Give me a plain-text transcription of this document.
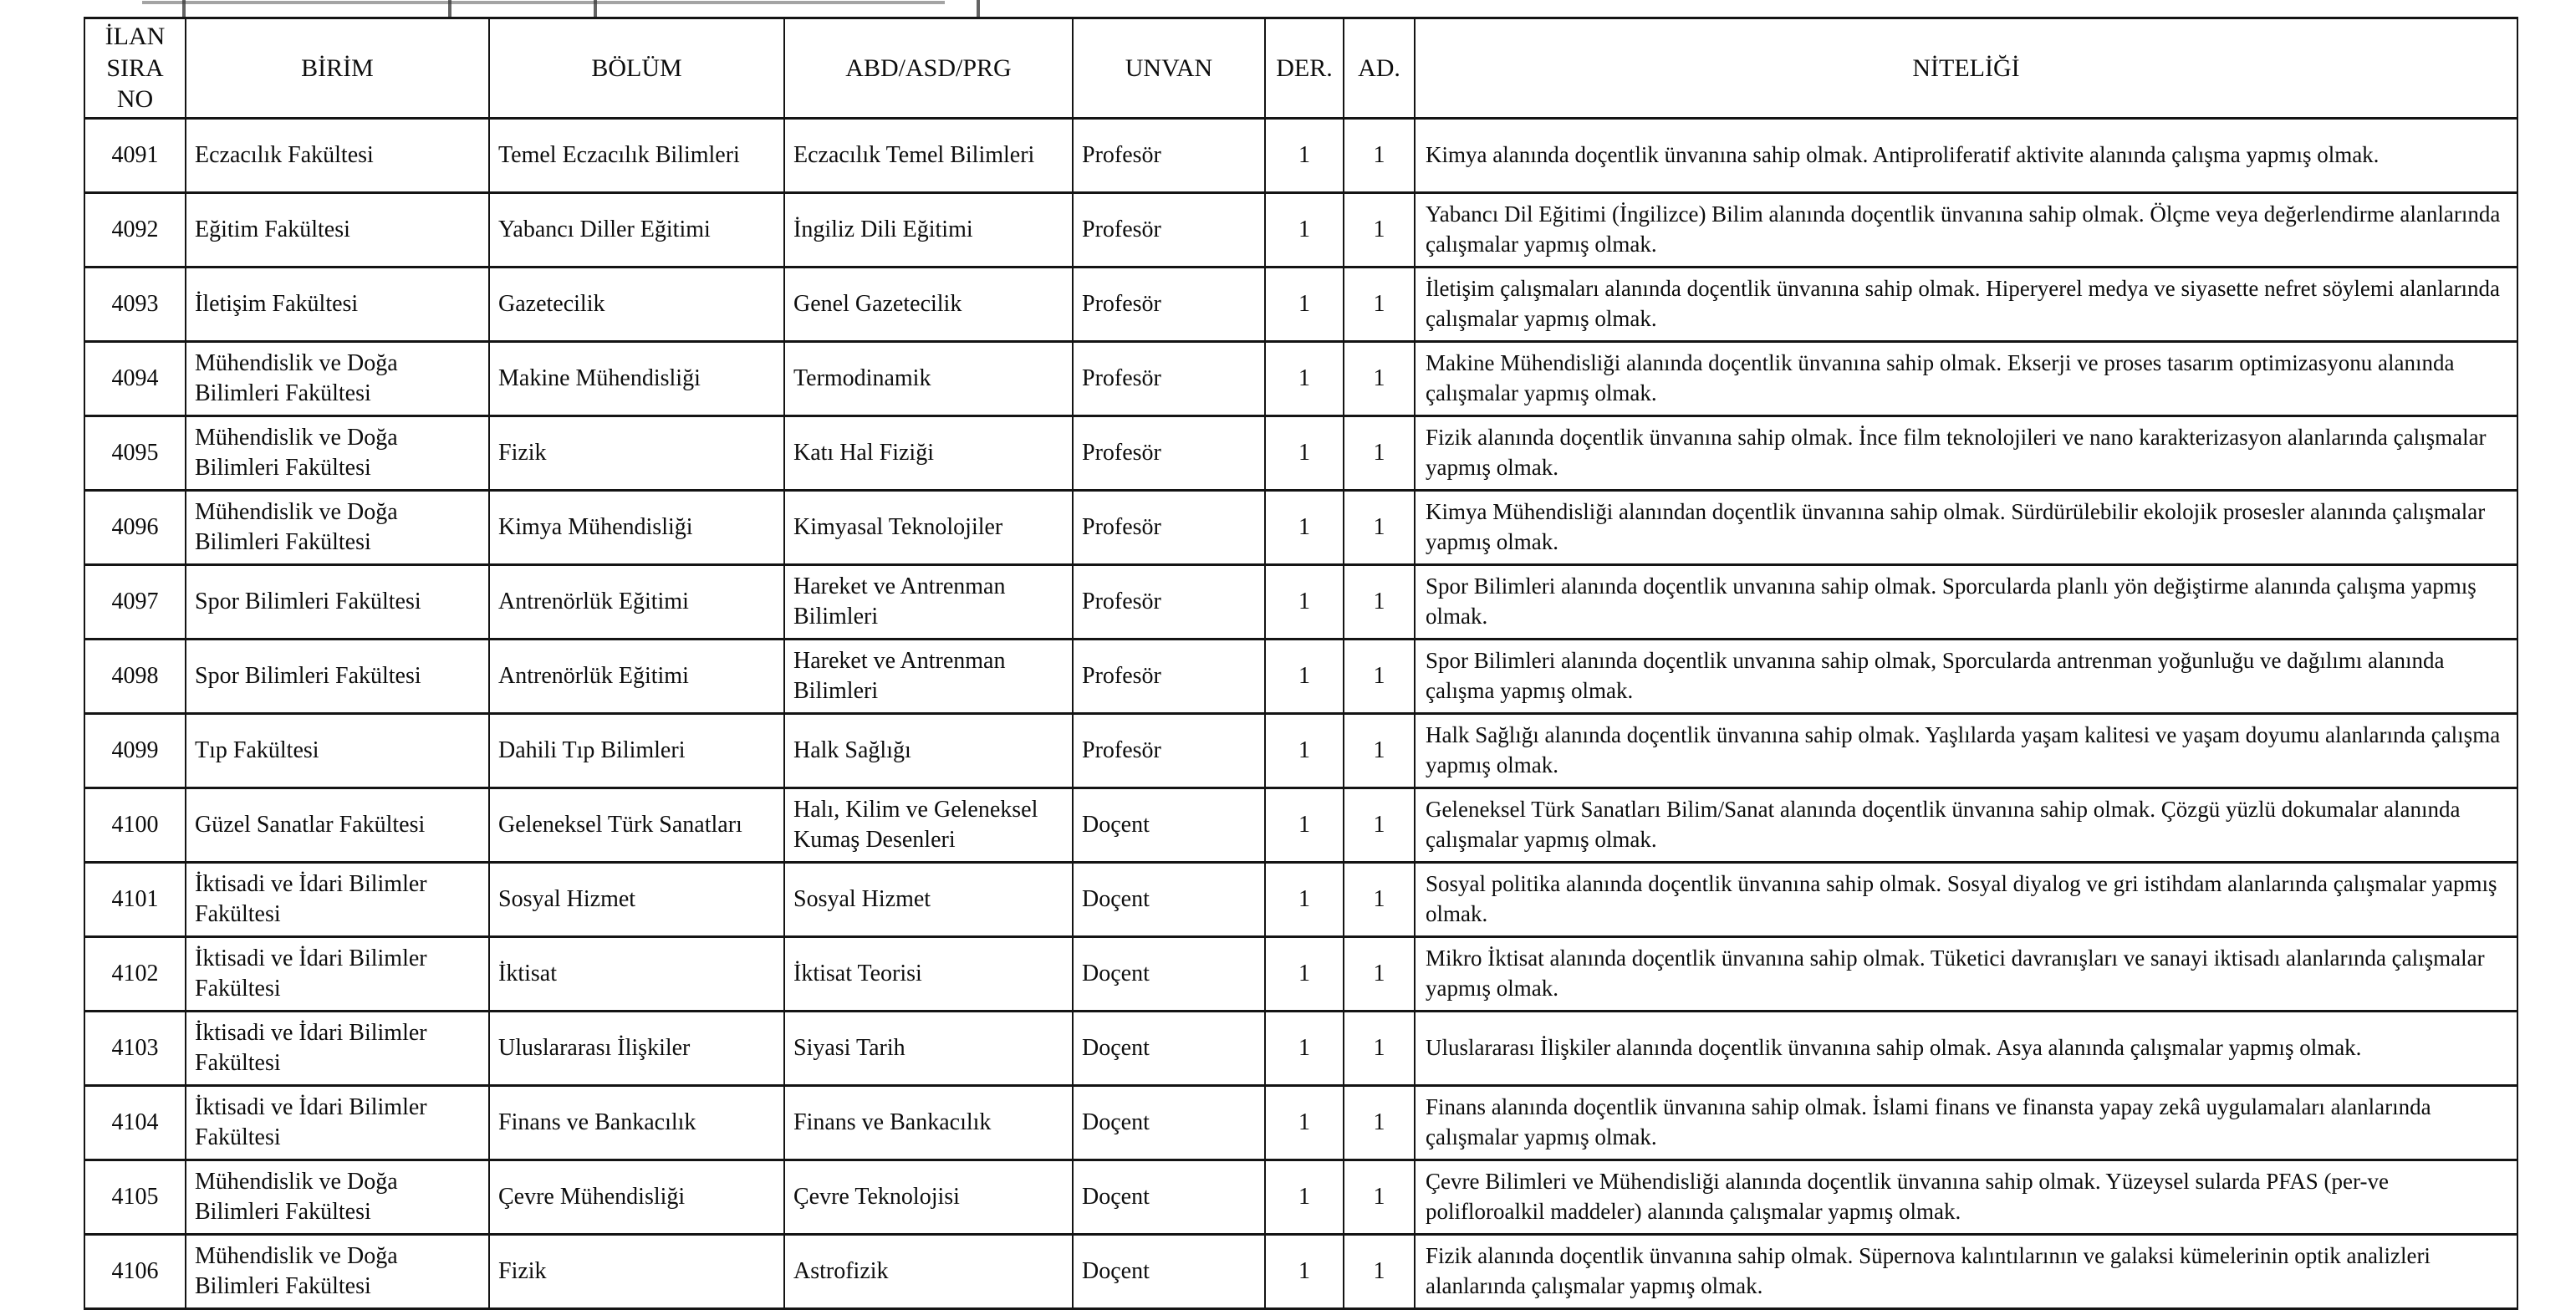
İLAN SIRA NO	BİRİM	BÖLÜM	ABD/ASD/PRG	UNVAN	DER.	AD.	NİTELİĞİ
4091	Eczacılık Fakültesi	Temel Eczacılık Bilimleri	Eczacılık Temel Bilimleri	Profesör	1	1	Kimya alanında doçentlik ünvanına sahip olmak. Antiproliferatif aktivite alanında çalışma yapmış olmak.
4092	Eğitim Fakültesi	Yabancı Diller Eğitimi	İngiliz Dili Eğitimi	Profesör	1	1	Yabancı Dil Eğitimi (İngilizce) Bilim alanında doçentlik ünvanına sahip olmak. Ölçme veya değerlendirme alanlarında çalışmalar yapmış olmak.
4093	İletişim Fakültesi	Gazetecilik	Genel Gazetecilik	Profesör	1	1	İletişim çalışmaları alanında doçentlik ünvanına sahip olmak. Hiperyerel medya ve siyasette nefret söylemi alanlarında çalışmalar yapmış olmak.
4094	Mühendislik ve Doğa Bilimleri Fakültesi	Makine Mühendisliği	Termodinamik	Profesör	1	1	Makine Mühendisliği alanında doçentlik ünvanına sahip olmak. Ekserji ve proses tasarım optimizasyonu alanında çalışmalar yapmış olmak.
4095	Mühendislik ve Doğa Bilimleri Fakültesi	Fizik	Katı Hal Fiziği	Profesör	1	1	Fizik alanında doçentlik ünvanına sahip olmak. İnce film teknolojileri ve nano karakterizasyon alanlarında çalışmalar yapmış olmak.
4096	Mühendislik ve Doğa Bilimleri Fakültesi	Kimya Mühendisliği	Kimyasal Teknolojiler	Profesör	1	1	Kimya Mühendisliği alanından doçentlik ünvanına sahip olmak. Sürdürülebilir ekolojik prosesler alanında çalışmalar yapmış olmak.
4097	Spor Bilimleri Fakültesi	Antrenörlük Eğitimi	Hareket ve Antrenman Bilimleri	Profesör	1	1	Spor Bilimleri alanında doçentlik unvanına sahip olmak. Sporcularda planlı yön değiştirme alanında çalışma yapmış olmak.
4098	Spor Bilimleri Fakültesi	Antrenörlük Eğitimi	Hareket ve Antrenman Bilimleri	Profesör	1	1	Spor Bilimleri alanında doçentlik unvanına sahip olmak, Sporcularda antrenman yoğunluğu ve dağılımı alanında çalışma yapmış olmak.
4099	Tıp Fakültesi	Dahili Tıp Bilimleri	Halk Sağlığı	Profesör	1	1	Halk Sağlığı alanında doçentlik ünvanına sahip olmak. Yaşlılarda yaşam kalitesi ve yaşam doyumu alanlarında çalışma yapmış olmak.
4100	Güzel Sanatlar Fakültesi	Geleneksel Türk Sanatları	Halı, Kilim ve Geleneksel Kumaş Desenleri	Doçent	1	1	Geleneksel Türk Sanatları Bilim/Sanat alanında doçentlik ünvanına sahip olmak. Çözgü yüzlü dokumalar alanında çalışmalar yapmış olmak.
4101	İktisadi ve İdari Bilimler Fakültesi	Sosyal Hizmet	Sosyal Hizmet	Doçent	1	1	Sosyal politika alanında doçentlik ünvanına sahip olmak. Sosyal diyalog ve gri istihdam alanlarında çalışmalar yapmış olmak.
4102	İktisadi ve İdari Bilimler Fakültesi	İktisat	İktisat Teorisi	Doçent	1	1	Mikro İktisat alanında doçentlik ünvanına sahip olmak. Tüketici davranışları ve sanayi iktisadı alanlarında çalışmalar yapmış olmak.
4103	İktisadi ve İdari Bilimler Fakültesi	Uluslararası İlişkiler	Siyasi Tarih	Doçent	1	1	Uluslararası İlişkiler alanında doçentlik ünvanına sahip olmak. Asya alanında çalışmalar yapmış olmak.
4104	İktisadi ve İdari Bilimler Fakültesi	Finans ve Bankacılık	Finans ve Bankacılık	Doçent	1	1	Finans alanında doçentlik ünvanına sahip olmak. İslami finans ve finansta yapay zekâ uygulamaları alanlarında çalışmalar yapmış olmak.
4105	Mühendislik ve Doğa Bilimleri Fakültesi	Çevre Mühendisliği	Çevre Teknolojisi	Doçent	1	1	Çevre Bilimleri ve Mühendisliği alanında doçentlik ünvanına sahip olmak. Yüzeysel sularda PFAS (per-ve polifloroalkil maddeler) alanında çalışmalar yapmış olmak.
4106	Mühendislik ve Doğa Bilimleri Fakültesi	Fizik	Astrofizik	Doçent	1	1	Fizik alanında doçentlik ünvanına sahip olmak. Süpernova kalıntılarının ve galaksi kümelerinin optik analizleri alanlarında çalışmalar yapmış olmak.
